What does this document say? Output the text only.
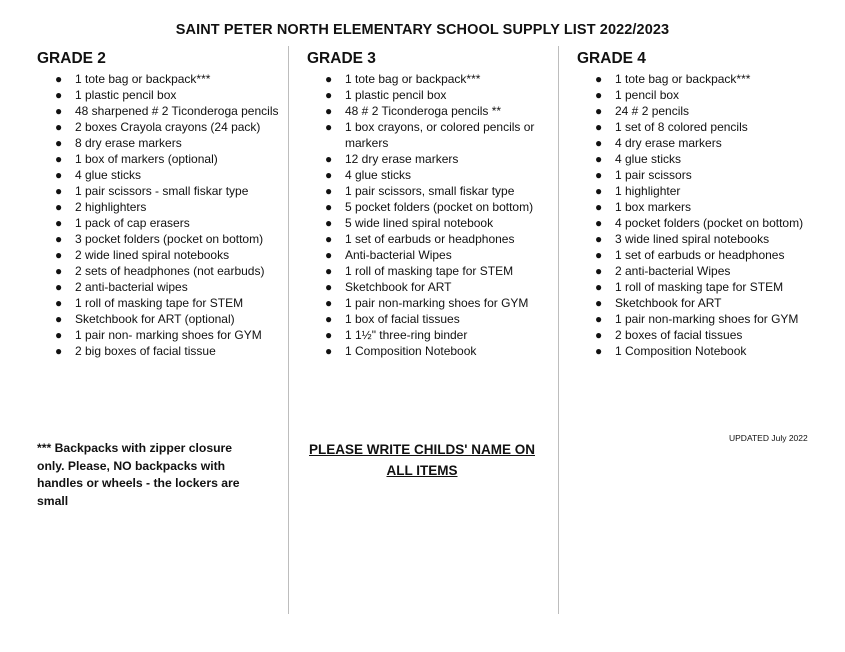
SAINT PETER NORTH ELEMENTARY SCHOOL SUPPLY LIST 2022/2023
GRADE 2
● 1 tote bag or backpack***
● 1 plastic pencil box
● 48 sharpened # 2 Ticonderoga pencils
● 2 boxes Crayola crayons (24 pack)
● 8 dry erase markers
● 1 box of markers (optional)
● 4 glue sticks
● 1 pair scissors - small fiskar type
● 2 highlighters
● 1 pack of cap erasers
● 3 pocket folders (pocket on bottom)
● 2 wide lined spiral notebooks
● 2 sets of headphones (not earbuds)
● 2 anti-bacterial wipes
● 1 roll of masking tape for STEM
● Sketchbook for ART (optional)
● 1 pair non- marking shoes for GYM
● 2 big boxes of facial tissue
GRADE 3
● 1 tote bag or backpack***
● 1 plastic pencil box
● 48 # 2 Ticonderoga pencils **
● 1 box crayons, or colored pencils or markers
● 12 dry erase markers
● 4 glue sticks
● 1 pair scissors, small fiskar type
● 5 pocket folders (pocket on bottom)
● 5 wide lined spiral notebook
● 1 set of earbuds or headphones
● Anti-bacterial Wipes
● 1 roll of masking tape for STEM
● Sketchbook for ART
● 1 pair non-marking shoes for GYM
● 1 box of facial tissues
● 1 1½" three-ring binder
● 1 Composition Notebook
GRADE 4
● 1 tote bag or backpack***
● 1 pencil box
● 24 # 2 pencils
● 1 set of 8 colored pencils
● 4 dry erase markers
● 4 glue sticks
● 1 pair scissors
● 1 highlighter
● 1 box markers
● 4 pocket folders (pocket on bottom)
● 3 wide lined spiral notebooks
● 1 set of earbuds or headphones
● 2 anti-bacterial Wipes
● 1 roll of masking tape for STEM
● Sketchbook for ART
● 1 pair non-marking shoes for GYM
● 2 boxes of facial tissues
● 1 Composition Notebook
*** Backpacks with zipper closure only. Please, NO backpacks with handles or wheels - the lockers are small
PLEASE WRITE CHILDS' NAME ON ALL ITEMS
UPDATED July 2022
